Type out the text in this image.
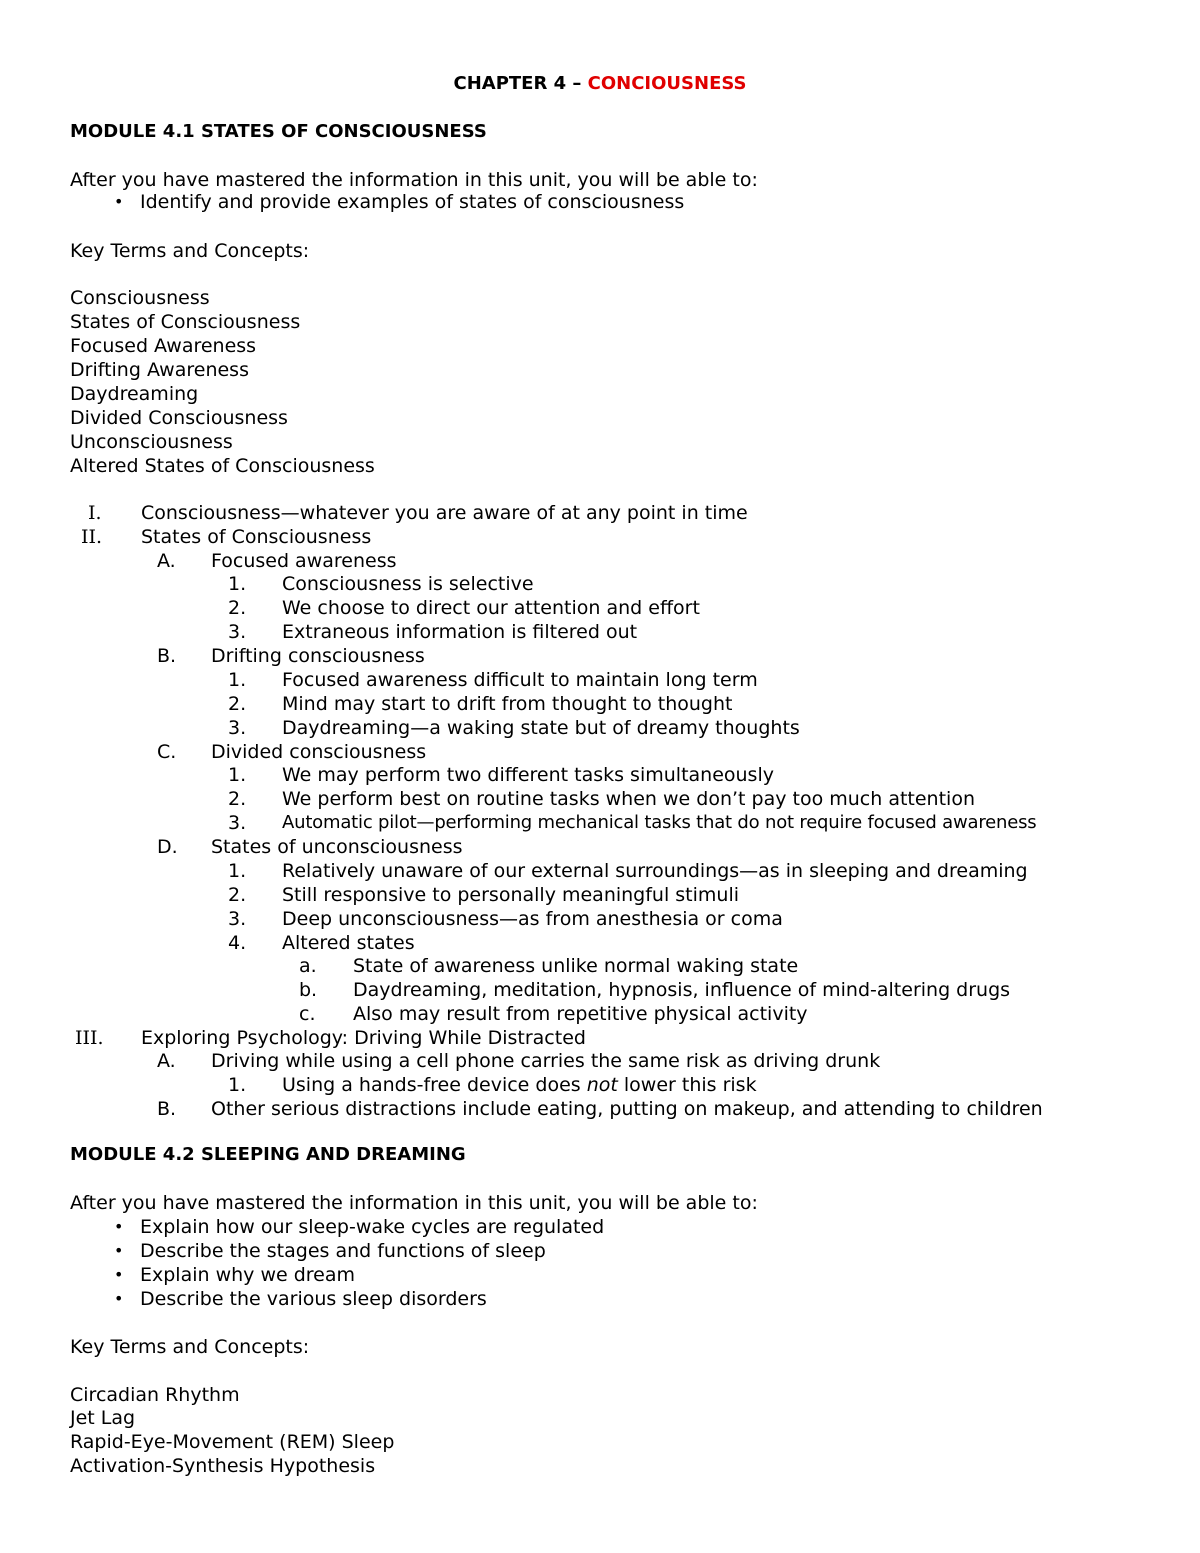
CHAPTER 4 – CONCIOUSNESS
MODULE 4.1 STATES OF CONSCIOUSNESS
After you have mastered the information in this unit, you will be able to:
• Identify and provide examples of states of consciousness
Key Terms and Concepts:
Consciousness
States of Consciousness
Focused Awareness
Drifting Awareness
Daydreaming
Divided Consciousness
Unconsciousness
Altered States of Consciousness
I. Consciousness—whatever you are aware of at any point in time
II. States of Consciousness
A. Focused awareness
1. Consciousness is selective
2. We choose to direct our attention and effort
3. Extraneous information is filtered out
B. Drifting consciousness
1. Focused awareness difficult to maintain long term
2. Mind may start to drift from thought to thought
3. Daydreaming—a waking state but of dreamy thoughts
C. Divided consciousness
1. We may perform two different tasks simultaneously
2. We perform best on routine tasks when we don’t pay too much attention
3. Automatic pilot—performing mechanical tasks that do not require focused awareness
D. States of unconsciousness
1. Relatively unaware of our external surroundings—as in sleeping and dreaming
2. Still responsive to personally meaningful stimuli
3. Deep unconsciousness—as from anesthesia or coma
4. Altered states
a. State of awareness unlike normal waking state
b. Daydreaming, meditation, hypnosis, influence of mind-altering drugs
c. Also may result from repetitive physical activity
III. Exploring Psychology: Driving While Distracted
A. Driving while using a cell phone carries the same risk as driving drunk
1. Using a hands-free device does not lower this risk
B. Other serious distractions include eating, putting on makeup, and attending to children
MODULE 4.2 SLEEPING AND DREAMING
After you have mastered the information in this unit, you will be able to:
• Explain how our sleep-wake cycles are regulated
• Describe the stages and functions of sleep
• Explain why we dream
• Describe the various sleep disorders
Key Terms and Concepts:
Circadian Rhythm
Jet Lag
Rapid-Eye-Movement (REM) Sleep
Activation-Synthesis Hypothesis
